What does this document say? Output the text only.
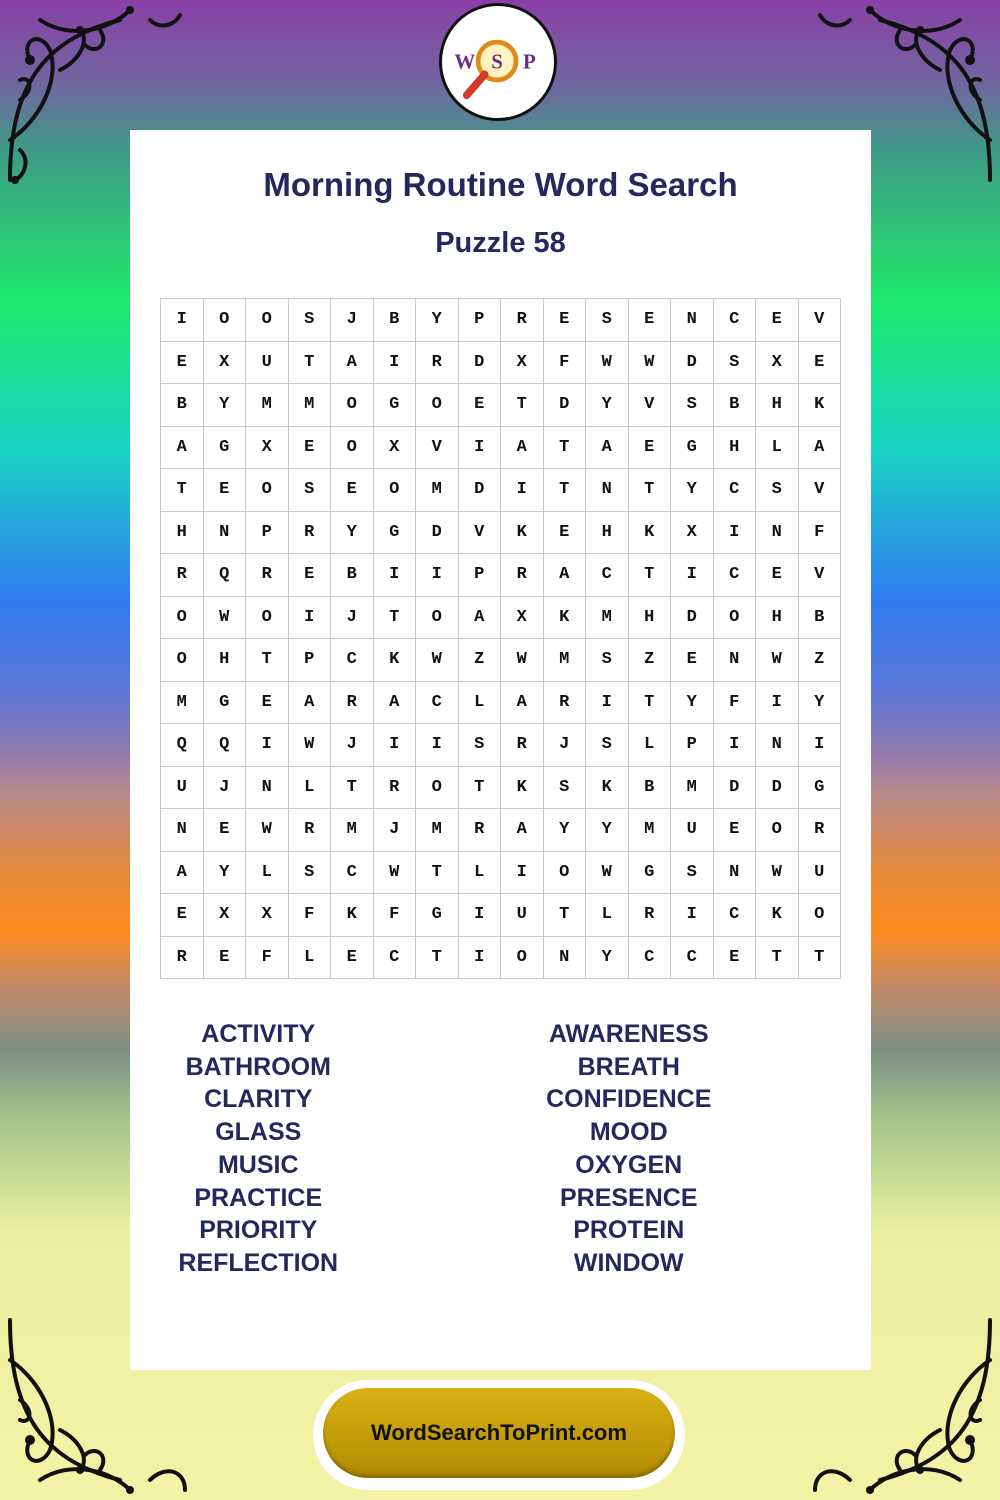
W S P
Morning Routine Word Search
Puzzle 58
I	O	O	S	J	B	Y	P	R	E	S	E	N	C	E	V
E	X	U	T	A	I	R	D	X	F	W	W	D	S	X	E
B	Y	M	M	O	G	O	E	T	D	Y	V	S	B	H	K
A	G	X	E	O	X	V	I	A	T	A	E	G	H	L	A
T	E	O	S	E	O	M	D	I	T	N	T	Y	C	S	V
H	N	P	R	Y	G	D	V	K	E	H	K	X	I	N	F
R	Q	R	E	B	I	I	P	R	A	C	T	I	C	E	V
O	W	O	I	J	T	O	A	X	K	M	H	D	O	H	B
O	H	T	P	C	K	W	Z	W	M	S	Z	E	N	W	Z
M	G	E	A	R	A	C	L	A	R	I	T	Y	F	I	Y
Q	Q	I	W	J	I	I	S	R	J	S	L	P	I	N	I
U	J	N	L	T	R	O	T	K	S	K	B	M	D	D	G
N	E	W	R	M	J	M	R	A	Y	Y	M	U	E	O	R
A	Y	L	S	C	W	T	L	I	O	W	G	S	N	W	U
E	X	X	F	K	F	G	I	U	T	L	R	I	C	K	O
R	E	F	L	E	C	T	I	O	N	Y	C	C	E	T	T
ACTIVITY
BATHROOM
CLARITY
GLASS
MUSIC
PRACTICE
PRIORITY
REFLECTION
AWARENESS
BREATH
CONFIDENCE
MOOD
OXYGEN
PRESENCE
PROTEIN
WINDOW
WordSearchToPrint.com
